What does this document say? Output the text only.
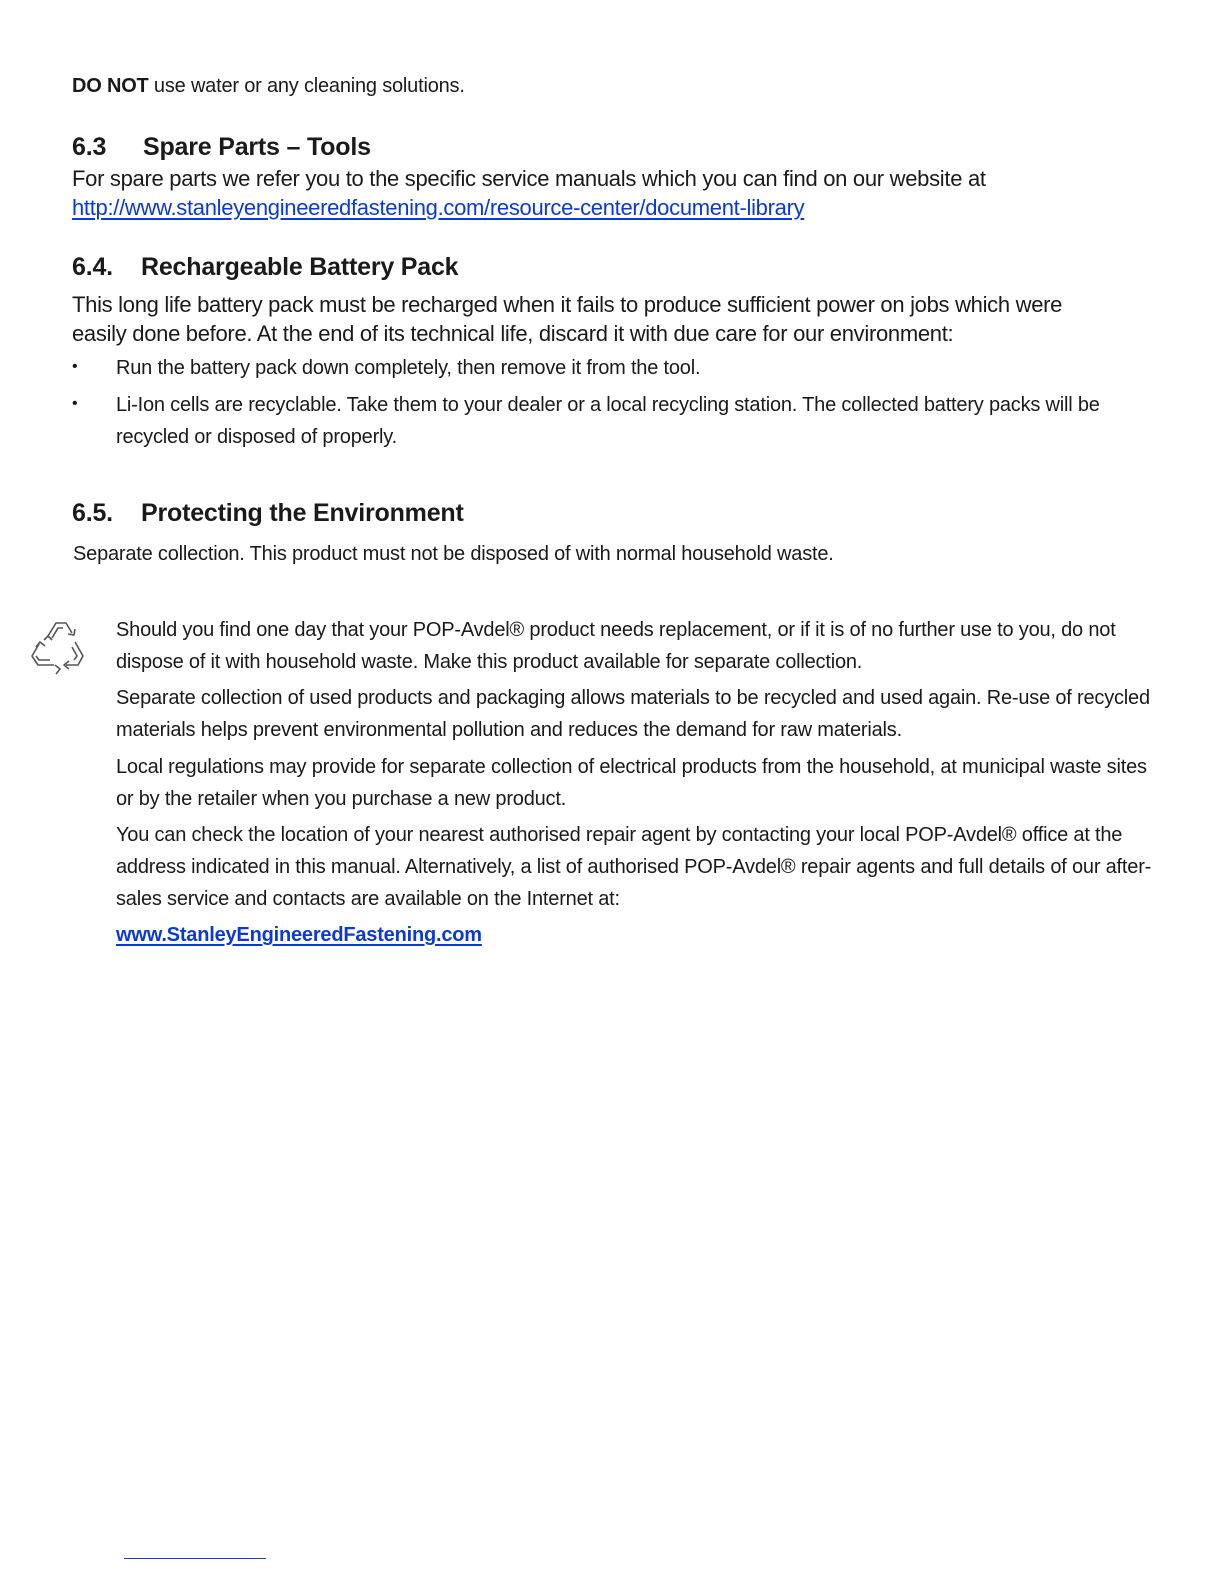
DO NOT use water or any cleaning solutions.
6.3 Spare Parts – Tools
For spare parts we refer you to the specific service manuals which you can find on our website at
http://www.stanleyengineeredfastening.com/resource-center/document-library
6.4. Rechargeable Battery Pack
This long life battery pack must be recharged when it fails to produce sufficient power on jobs which were
easily done before. At the end of its technical life, discard it with due care for our environment:
• Run the battery pack down completely, then remove it from the tool.
• Li-Ion cells are recyclable. Take them to your dealer or a local recycling station. The collected battery packs will be recycled or disposed of properly.
6.5. Protecting the Environment
Separate collection. This product must not be disposed of with normal household waste.
Should you find one day that your POP-Avdel® product needs replacement, or if it is of no further use to you, do not dispose of it with household waste. Make this product available for separate collection.
Separate collection of used products and packaging allows materials to be recycled and used again. Re-use of recycled materials helps prevent environmental pollution and reduces the demand for raw materials.
Local regulations may provide for separate collection of electrical products from the household, at municipal waste sites or by the retailer when you purchase a new product.
You can check the location of your nearest authorised repair agent by contacting your local POP-Avdel® office at the address indicated in this manual. Alternatively, a list of authorised POP-Avdel® repair agents and full details of our after-sales service and contacts are available on the Internet at:
www.StanleyEngineeredFastening.com
